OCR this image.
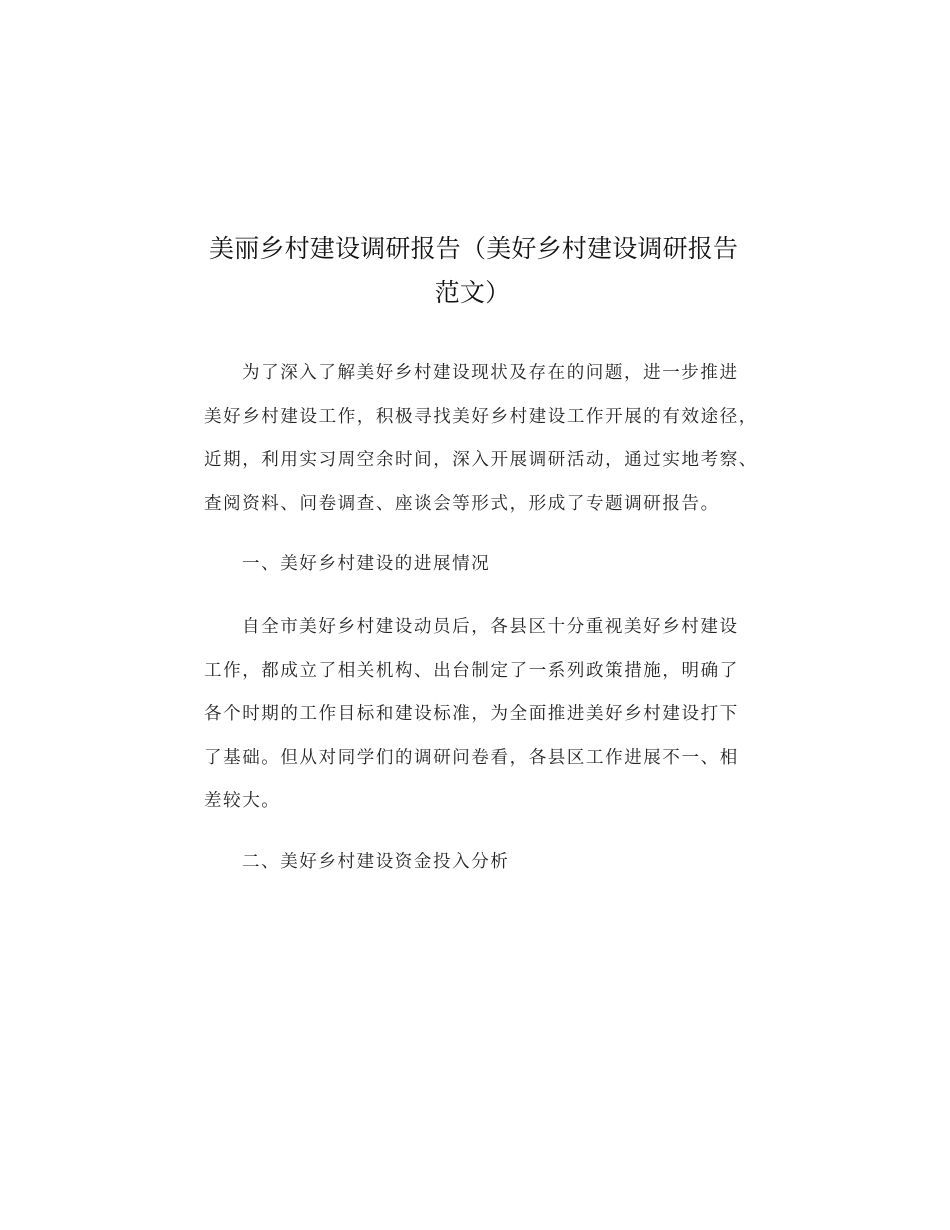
美丽乡村建设调研报告（美好乡村建设调研报告
范文）
为了深入了解美好乡村建设现状及存在的问题，进一步推进
美好乡村建设工作，积极寻找美好乡村建设工作开展的有效途径，
近期，利用实习周空余时间，深入开展调研活动，通过实地考察、
查阅资料、问卷调查、座谈会等形式，形成了专题调研报告。
一、美好乡村建设的进展情况
自全市美好乡村建设动员后，各县区十分重视美好乡村建设
工作，都成立了相关机构、出台制定了一系列政策措施，明确了
各个时期的工作目标和建设标准，为全面推进美好乡村建设打下
了基础。但从对同学们的调研问卷看，各县区工作进展不一、相
差较大。
二、美好乡村建设资金投入分析
